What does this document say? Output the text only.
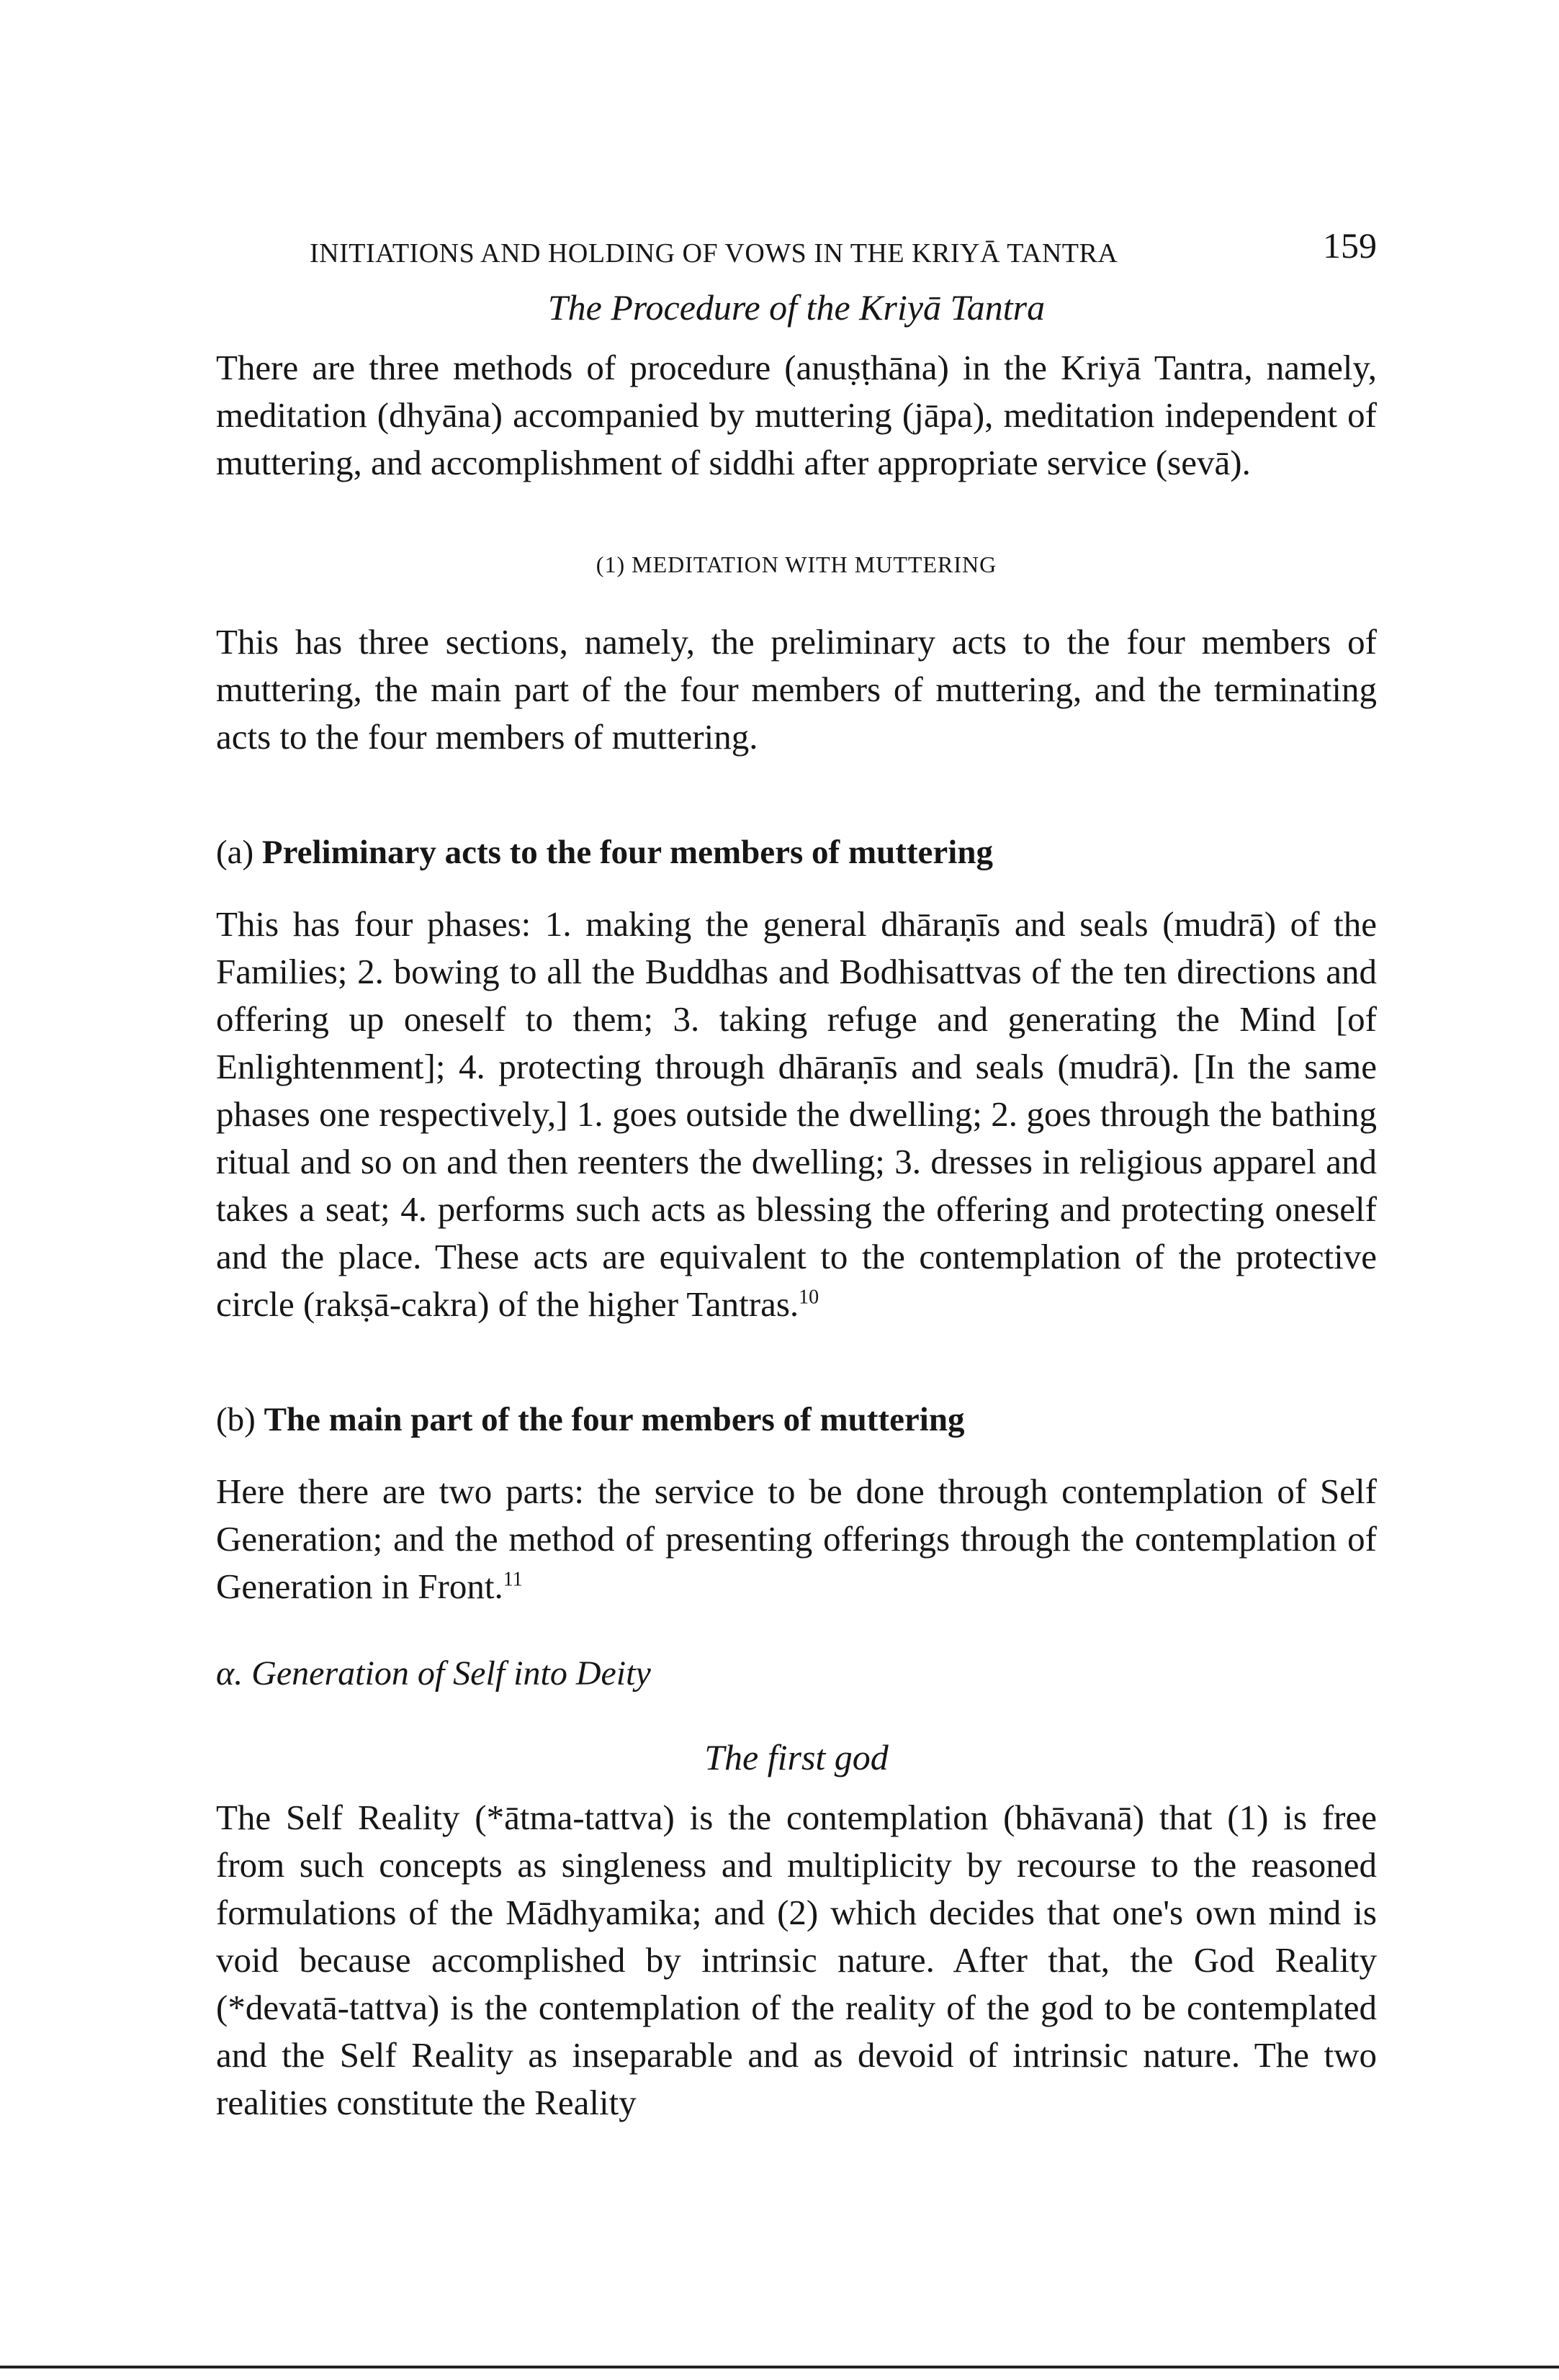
INITIATIONS AND HOLDING OF VOWS IN THE KRIYĀ TANTRA	159
The Procedure of the Kriyā Tantra

There are three methods of procedure (anuṣṭhāna) in the Kriyā Tantra, namely, meditation (dhyāna) accompanied by muttering (jāpa), meditation independent of muttering, and accomplishment of siddhi after appropriate service (sevā).

(1) MEDITATION WITH MUTTERING

This has three sections, namely, the preliminary acts to the four members of muttering, the main part of the four members of muttering, and the terminating acts to the four members of muttering.

(a) Preliminary acts to the four members of muttering

This has four phases: 1. making the general dhāraṇīs and seals (mudrā) of the Families; 2. bowing to all the Buddhas and Bodhisattvas of the ten directions and offering up oneself to them; 3. taking refuge and generating the Mind [of Enlightenment]; 4. protecting through dhāraṇīs and seals (mudrā). [In the same phases one respectively,] 1. goes outside the dwelling; 2. goes through the bathing ritual and so on and then reenters the dwelling; 3. dresses in religious apparel and takes a seat; 4. performs such acts as blessing the offering and protecting oneself and the place. These acts are equivalent to the contemplation of the protective circle (rakṣā-cakra) of the higher Tantras.$^{10}$

(b) The main part of the four members of muttering

Here there are two parts: the service to be done through contemplation of Self Generation; and the method of presenting offerings through the contemplation of Generation in Front.$^{11}$

α. Generation of Self into Deity
The first god

The Self Reality (*ātma-tattva) is the contemplation (bhāvanā) that (1) is free from such concepts as singleness and multiplicity by recourse to the reasoned formulations of the Mādhyamika; and (2) which decides that one's own mind is void because accomplished by intrinsic nature. After that, the God Reality (*devatā-tattva) is the contemplation of the reality of the god to be contemplated and the Self Reality as inseparable and as devoid of intrinsic nature. The two realities constitute the Reality
